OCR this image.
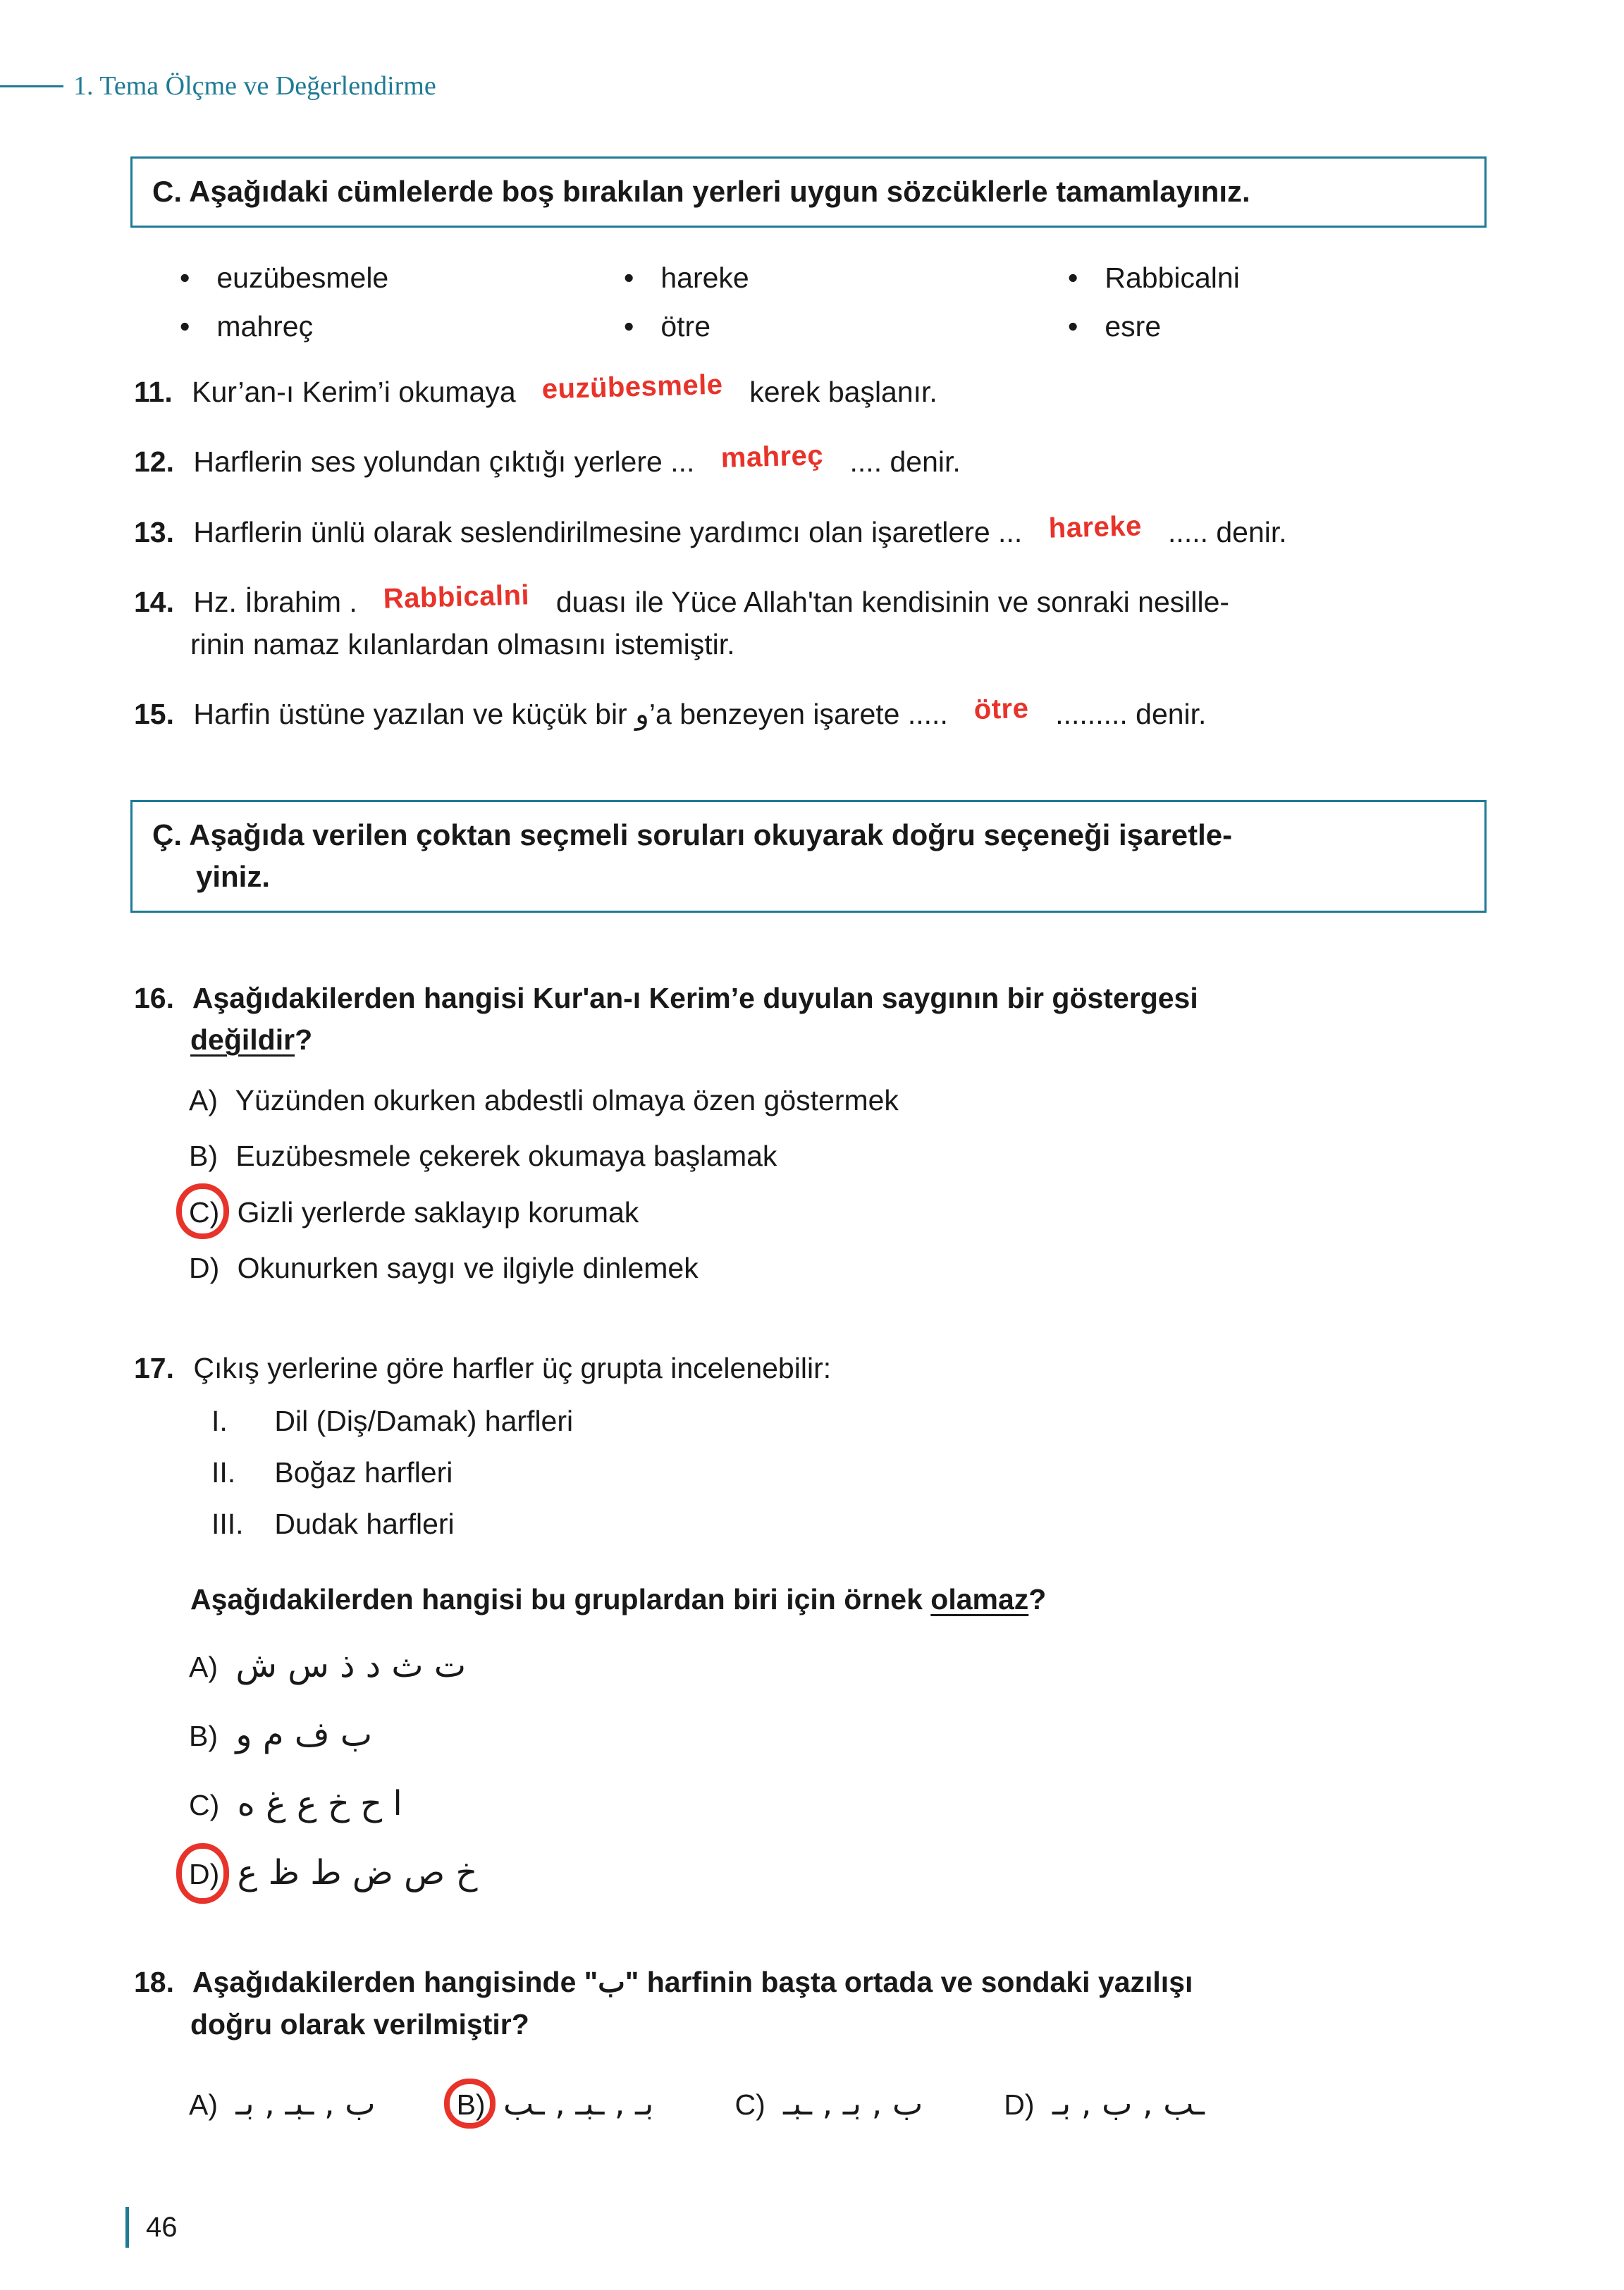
1. Tema Ölçme ve Değerlendirme
C. Aşağıdaki cümlelerde boş bırakılan yerleri uygun sözcüklerle tamamlayınız.
• euzübesmele	• hareke	• Rabbicalni
• mahreç	• ötre	• esre
11. Kur’an-ı Kerim’i okumaya euzübesmele kerek başlanır.
12. Harflerin ses yolundan çıktığı yerlere ... mahreç .... denir.
13. Harflerin ünlü olarak seslendirilmesine yardımcı olan işaretlere ... hareke ..... denir.
14. Hz. İbrahim . Rabbicalni duası ile Yüce Allah'tan kendisinin ve sonraki nesille-
rinin namaz kılanlardan olmasını istemiştir.
15. Harfin üstüne yazılan ve küçük bir و’a benzeyen işarete ..... ötre ......... denir.
Ç. Aşağıda verilen çoktan seçmeli soruları okuyarak doğru seçeneği işaretle-
yiniz.
16. Aşağıdakilerden hangisi Kur'an-ı Kerim’e duyulan saygının bir göstergesi
değildir?
A) Yüzünden okurken abdestli olmaya özen göstermek
B) Euzübesmele çekerek okumaya başlamak
C) Gizli yerlerde saklayıp korumak
D) Okunurken saygı ve ilgiyle dinlemek
17. Çıkış yerlerine göre harfler üç grupta incelenebilir:
I. Dil (Diş/Damak) harfleri
II. Boğaz harfleri
III. Dudak harfleri
Aşağıdakilerden hangisi bu gruplardan biri için örnek olamaz?
A) ت ث د ذ س ش
B) ب ف م و
C) ا ح خ ع غ ه
D) خ ص ض ط ظ ع
18. Aşağıdakilerden hangisinde "ب" harfinin başta ortada ve sondaki yazılışı
doğru olarak verilmiştir?
A) ب , ـبـ , بـ	B) بـ , ـبـ , ـب	C) ب , بـ , ـبـ	D) ـب , ب , بـ
46
